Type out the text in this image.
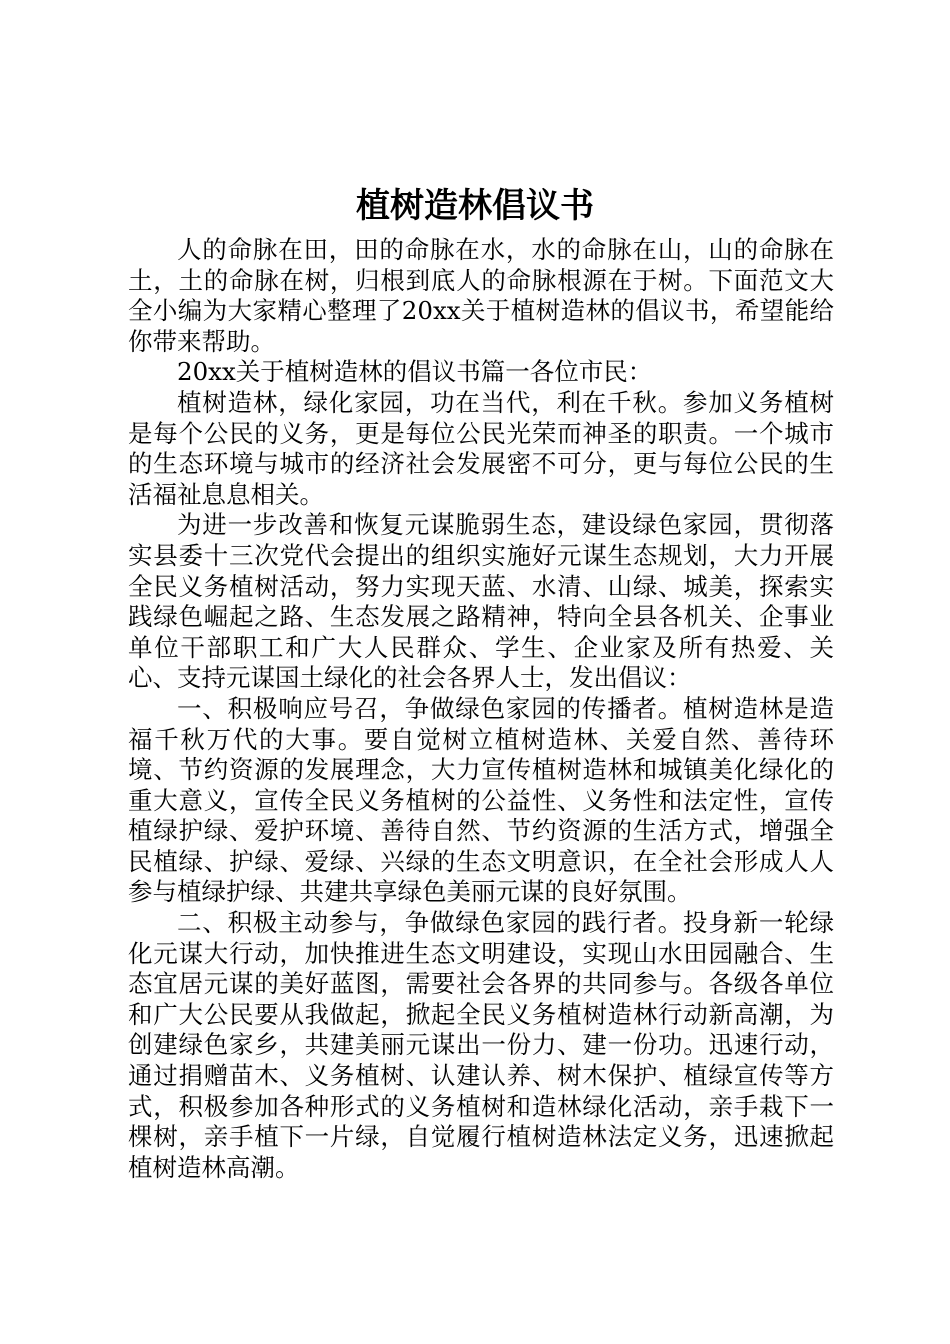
植树造林倡议书

人的命脉在田，田的命脉在水，水的命脉在山，山的命脉在土，土的命脉在树，归根到底人的命脉根源在于树。下面范文大全小编为大家精心整理了20xx关于植树造林的倡议书，希望能给你带来帮助。

20xx关于植树造林的倡议书篇一各位市民：

植树造林，绿化家园，功在当代，利在千秋。参加义务植树是每个公民的义务，更是每位公民光荣而神圣的职责。一个城市的生态环境与城市的经济社会发展密不可分，更与每位公民的生活福祉息息相关。

为进一步改善和恢复元谋脆弱生态，建设绿色家园，贯彻落实县委十三次党代会提出的组织实施好元谋生态规划，大力开展全民义务植树活动，努力实现天蓝、水清、山绿、城美，探索实践绿色崛起之路、生态发展之路精神，特向全县各机关、企事业单位干部职工和广大人民群众、学生、企业家及所有热爱、关心、支持元谋国土绿化的社会各界人士，发出倡议：

一、积极响应号召，争做绿色家园的传播者。植树造林是造福千秋万代的大事。要自觉树立植树造林、关爱自然、善待环境、节约资源的发展理念，大力宣传植树造林和城镇美化绿化的重大意义，宣传全民义务植树的公益性、义务性和法定性，宣传植绿护绿、爱护环境、善待自然、节约资源的生活方式，增强全民植绿、护绿、爱绿、兴绿的生态文明意识，在全社会形成人人参与植绿护绿、共建共享绿色美丽元谋的良好氛围。

二、积极主动参与，争做绿色家园的践行者。投身新一轮绿化元谋大行动，加快推进生态文明建设，实现山水田园融合、生态宜居元谋的美好蓝图，需要社会各界的共同参与。各级各单位和广大公民要从我做起，掀起全民义务植树造林行动新高潮，为创建绿色家乡，共建美丽元谋出一份力、建一份功。迅速行动，通过捐赠苗木、义务植树、认建认养、树木保护、植绿宣传等方式，积极参加各种形式的义务植树和造林绿化活动，亲手栽下一棵树，亲手植下一片绿，自觉履行植树造林法定义务，迅速掀起植树造林高潮。
